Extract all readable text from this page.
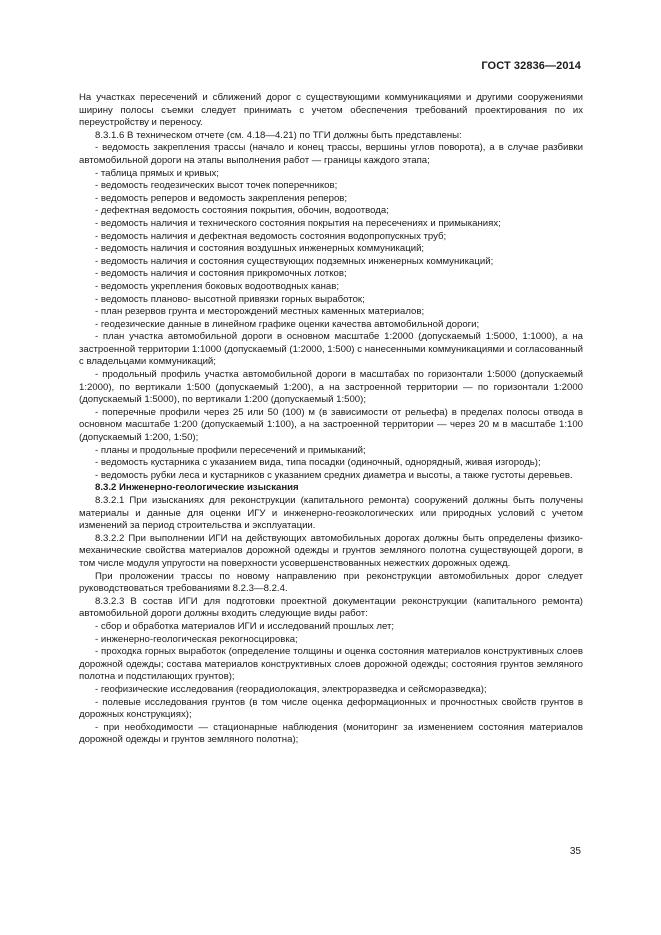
ГОСТ 32836—2014

На участках пересечений и сближений дорог с существующими коммуникациями и другими сооружениями ширину полосы съемки следует принимать с учетом обеспечения требований проектирования по их переустройству и переносу.

8.3.1.6 В техническом отчете (см. 4.18—4.21) по ТГИ должны быть представлены:

- ведомость закрепления трассы (начало и конец трассы, вершины углов поворота), а в случае разбивки автомобильной дороги на этапы выполнения работ — границы каждого этапа;

- таблица прямых и кривых;

- ведомость геодезических высот точек поперечников;

- ведомость реперов и ведомость закрепления реперов;

- дефектная ведомость состояния покрытия, обочин, водоотвода;

- ведомость наличия и технического состояния покрытия на пересечениях и примыканиях;

- ведомость наличия и дефектная ведомость состояния водопропускных труб;

- ведомость наличия и состояния воздушных инженерных коммуникаций;

- ведомость наличия и состояния существующих подземных инженерных коммуникаций;

- ведомость наличия и состояния прикромочных лотков;

- ведомость укрепления боковых водоотводных канав;

- ведомость планово- высотной привязки горных выработок;

- план резервов грунта и месторождений местных каменных материалов;

- геодезические данные в линейном графике оценки качества автомобильной дороги;

- план участка автомобильной дороги в основном масштабе 1:2000 (допускаемый 1:5000, 1:1000), а на застроенной территории 1:1000 (допускаемый (1:2000, 1:500) с нанесенными коммуникациями и согласованный с владельцами коммуникаций;

- продольный профиль участка автомобильной дороги в масштабах по горизонтали 1:5000 (допускаемый 1:2000), по вертикали 1:500 (допускаемый 1:200), а на застроенной территории — по горизонтали 1:2000 (допускаемый 1:5000), по вертикали 1:200 (допускаемый 1:500);

- поперечные профили через 25 или 50 (100) м (в зависимости от рельефа) в пределах полосы отвода в основном масштабе 1:200 (допускаемый 1:100), а на застроенной территории — через 20 м в масштабе 1:100 (допускаемый 1:200, 1:50);

- планы и продольные профили пересечений и примыканий;

- ведомость кустарника с указанием вида, типа посадки (одиночный, однорядный, живая изгородь);

- ведомость рубки леса и кустарников с указанием средних диаметра и высоты, а также густоты деревьев.

8.3.2 Инженерно-геологические изыскания

8.3.2.1 При изысканиях для реконструкции (капитального ремонта) сооружений должны быть получены материалы и данные для оценки ИГУ и инженерно-геоэкологических или природных условий с учетом изменений за период строительства и эксплуатации.

8.3.2.2 При выполнении ИГИ на действующих автомобильных дорогах должны быть определены физико-механические свойства материалов дорожной одежды и грунтов земляного полотна существующей дороги, в том числе модуля упругости на поверхности усовершенствованных нежестких дорожных одежд.

При проложении трассы по новому направлению при реконструкции автомобильных дорог следует руководствоваться требованиями 8.2.3—8.2.4.

8.3.2.3 В состав ИГИ для подготовки проектной документации реконструкции (капитального ремонта) автомобильной дороги должны входить следующие виды работ:

- сбор и обработка материалов ИГИ и исследований прошлых лет;

- инженерно-геологическая рекогносцировка;

- проходка горных выработок (определение толщины и оценка состояния материалов конструктивных слоев дорожной одежды; состава материалов конструктивных слоев дорожной одежды; состояния грунтов земляного полотна и подстилающих грунтов);

- геофизические исследования (георадиолокация, электроразведка и сейсморазведка);

- полевые исследования грунтов (в том числе оценка деформационных и прочностных свойств грунтов в дорожных конструкциях);

- при необходимости — стационарные наблюдения (мониторинг за изменением состояния материалов дорожной одежды и грунтов земляного полотна);

35
